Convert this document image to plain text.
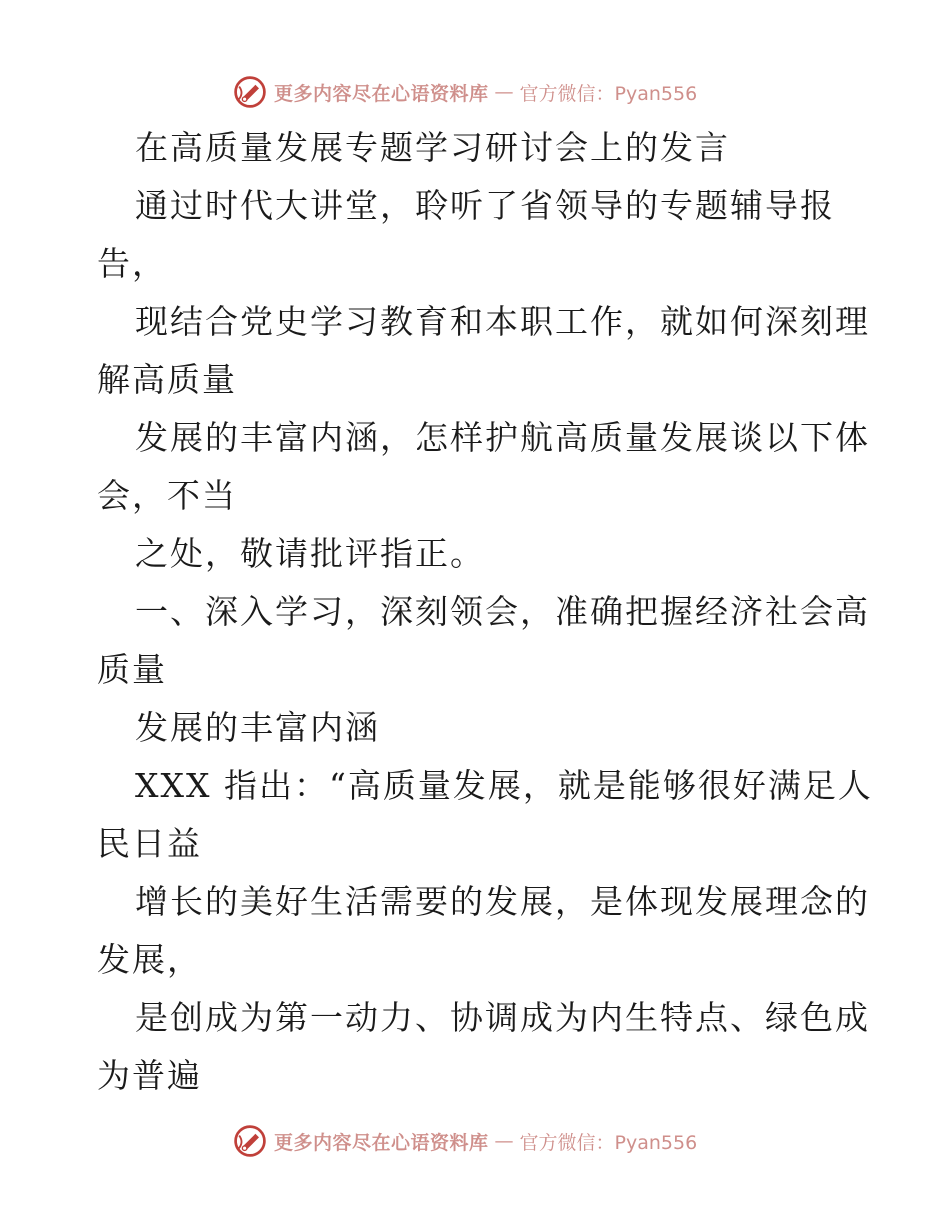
更多内容尽在心语资料库 — 官方微信：Pyan556
在高质量发展专题学习研讨会上的发言
通过时代大讲堂，聆听了省领导的专题辅导报
告，
现结合党史学习教育和本职工作，就如何深刻理
解高质量
发展的丰富内涵，怎样护航高质量发展谈以下体
会，不当
之处，敬请批评指正。
一、深入学习，深刻领会，准确把握经济社会高
质量
发展的丰富内涵
XXX 指出：“高质量发展，就是能够很好满足人
民日益
增长的美好生活需要的发展，是体现发展理念的
发展，
是创成为第一动力、协调成为内生特点、绿色成
为普遍
更多内容尽在心语资料库 — 官方微信：Pyan556
